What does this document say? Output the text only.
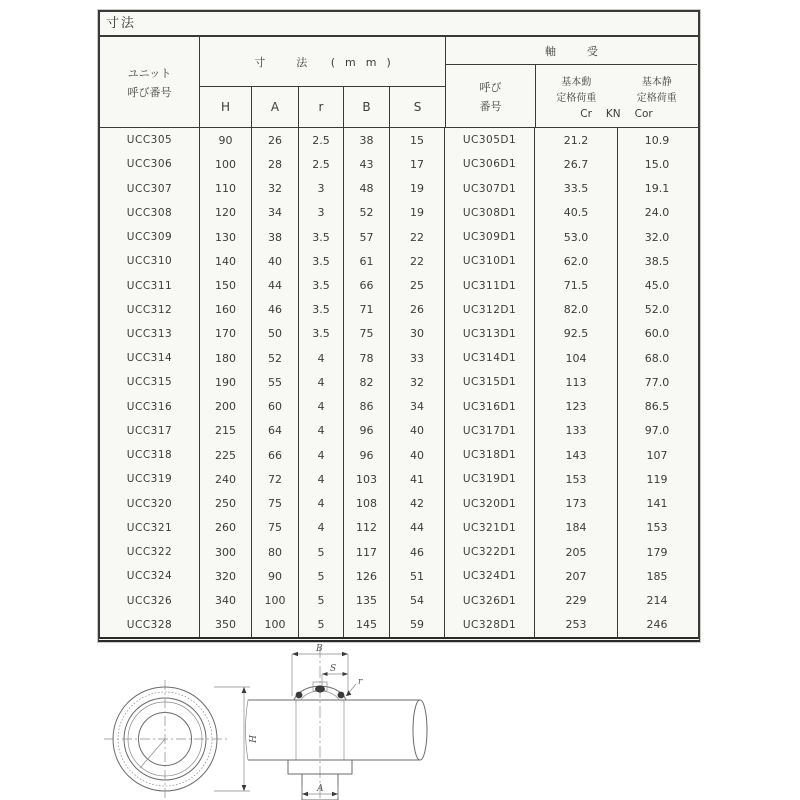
寸法
ユニット
呼び番号
寸　法 (mm)
H	A	r	B	S
軸　受
呼び
番号
基本動
定格荷重
基本静
定格荷重
Cr KN Cor
UCC305	90	26	2.5	38	15	UC305D1	21.2	10.9
UCC306	100	28	2.5	43	17	UC306D1	26.7	15.0
UCC307	110	32	3	48	19	UC307D1	33.5	19.1
UCC308	120	34	3	52	19	UC308D1	40.5	24.0
UCC309	130	38	3.5	57	22	UC309D1	53.0	32.0
UCC310	140	40	3.5	61	22	UC310D1	62.0	38.5
UCC311	150	44	3.5	66	25	UC311D1	71.5	45.0
UCC312	160	46	3.5	71	26	UC312D1	82.0	52.0
UCC313	170	50	3.5	75	30	UC313D1	92.5	60.0
UCC314	180	52	4	78	33	UC314D1	104	68.0
UCC315	190	55	4	82	32	UC315D1	113	77.0
UCC316	200	60	4	86	34	UC316D1	123	86.5
UCC317	215	64	4	96	40	UC317D1	133	97.0
UCC318	225	66	4	96	40	UC318D1	143	107
UCC319	240	72	4	103	41	UC319D1	153	119
UCC320	250	75	4	108	42	UC320D1	173	141
UCC321	260	75	4	112	44	UC321D1	184	153
UCC322	300	80	5	117	46	UC322D1	205	179
UCC324	320	90	5	126	51	UC324D1	207	185
UCC326	340	100	5	135	54	UC326D1	229	214
UCC328	350	100	5	145	59	UC328D1	253	246
H
B
S
r
A
